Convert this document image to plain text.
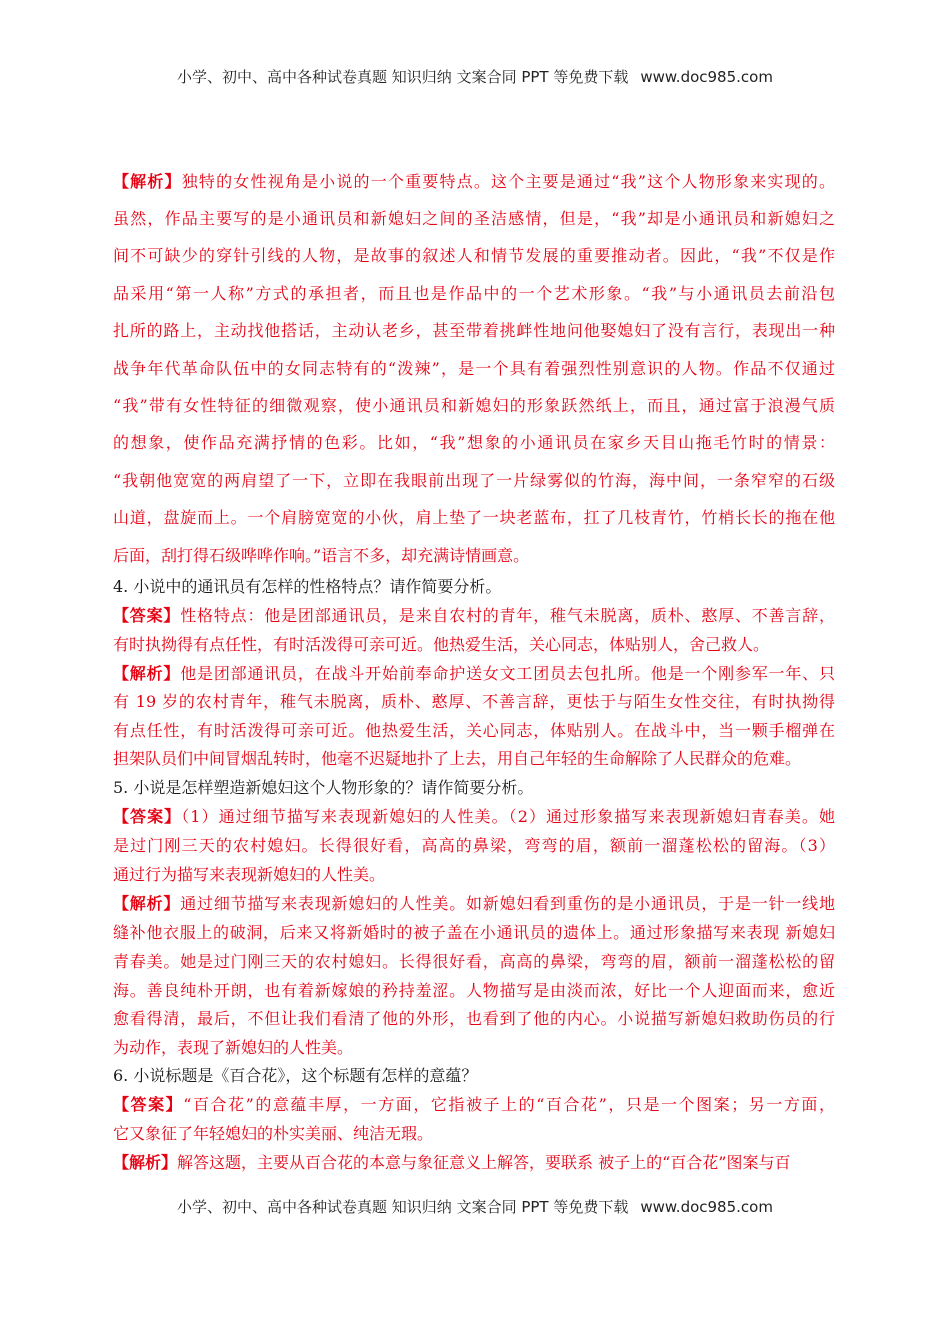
小学、初中、高中各种试卷真题 知识归纳 文案合同 PPT 等免费下载 www.doc985.com
【解析】独特的女性视角是小说的一个重要特点。这个主要是通过“我”这个人物形象来实现的。
虽然，作品主要写的是小通讯员和新媳妇之间的圣洁感情，但是，“我”却是小通讯员和新媳妇之
间不可缺少的穿针引线的人物，是故事的叙述人和情节发展的重要推动者。因此，“我”不仅是作
品采用“第一人称”方式的承担者，而且也是作品中的一个艺术形象。“我”与小通讯员去前沿包
扎所的路上，主动找他搭话，主动认老乡，甚至带着挑衅性地问他娶媳妇了没有言行，表现出一种
战争年代革命队伍中的女同志特有的“泼辣”，是一个具有着强烈性别意识的人物。作品不仅通过
“我”带有女性特征的细微观察，使小通讯员和新媳妇的形象跃然纸上，而且，通过富于浪漫气质
的想象，使作品充满抒情的色彩。比如，“我”想象的小通讯员在家乡天目山拖毛竹时的情景：
“我朝他宽宽的两肩望了一下，立即在我眼前出现了一片绿雾似的竹海，海中间，一条窄窄的石级
山道，盘旋而上。一个肩膀宽宽的小伙，肩上垫了一块老蓝布，扛了几枝青竹，竹梢长长的拖在他
后面，刮打得石级哗哗作响。”语言不多，却充满诗情画意。
4. 小说中的通讯员有怎样的性格特点？请作简要分析。
【答案】性格特点：他是团部通讯员，是来自农村的青年，稚气未脱离，质朴、憨厚、不善言辞，
有时执拗得有点任性，有时活泼得可亲可近。他热爱生活，关心同志，体贴别人，舍己救人。
【解析】他是团部通讯员，在战斗开始前奉命护送女文工团员去包扎所。他是一个刚参军一年、只
有 19 岁的农村青年，稚气未脱离，质朴、憨厚、不善言辞，更怯于与陌生女性交往，有时执拗得
有点任性，有时活泼得可亲可近。他热爱生活，关心同志，体贴别人。在战斗中，当一颗手榴弹在
担架队员们中间冒烟乱转时，他毫不迟疑地扑了上去，用自己年轻的生命解除了人民群众的危难。
5. 小说是怎样塑造新媳妇这个人物形象的？请作简要分析。
【答案】（1）通过细节描写来表现新媳妇的人性美。（2）通过形象描写来表现新媳妇青春美。她
是过门刚三天的农村媳妇。长得很好看，高高的鼻梁，弯弯的眉，额前一溜蓬松松的留海。（3）
通过行为描写来表现新媳妇的人性美。
【解析】通过细节描写来表现新媳妇的人性美。如新媳妇看到重伤的是小通讯员，于是一针一线地
缝补他衣服上的破洞，后来又将新婚时的被子盖在小通讯员的遗体上。通过形象描写来表现 新媳妇
青春美。她是过门刚三天的农村媳妇。长得很好看，高高的鼻梁，弯弯的眉，额前一溜蓬松松的留
海。善良纯朴开朗，也有着新嫁娘的矜持羞涩。人物描写是由淡而浓，好比一个人迎面而来，愈近
愈看得清，最后，不但让我们看清了他的外形，也看到了他的内心。小说描写新媳妇救助伤员的行
为动作，表现了新媳妇的人性美。
6. 小说标题是《百合花》，这个标题有怎样的意蕴？
【答案】“百合花”的意蕴丰厚，一方面，它指被子上的“百合花”，只是一个图案；另一方面，
它又象征了年轻媳妇的朴实美丽、纯洁无瑕。
【解析】解答这题，主要从百合花的本意与象征意义上解答，要联系 被子上的“百合花”图案与百
小学、初中、高中各种试卷真题 知识归纳 文案合同 PPT 等免费下载 www.doc985.com
